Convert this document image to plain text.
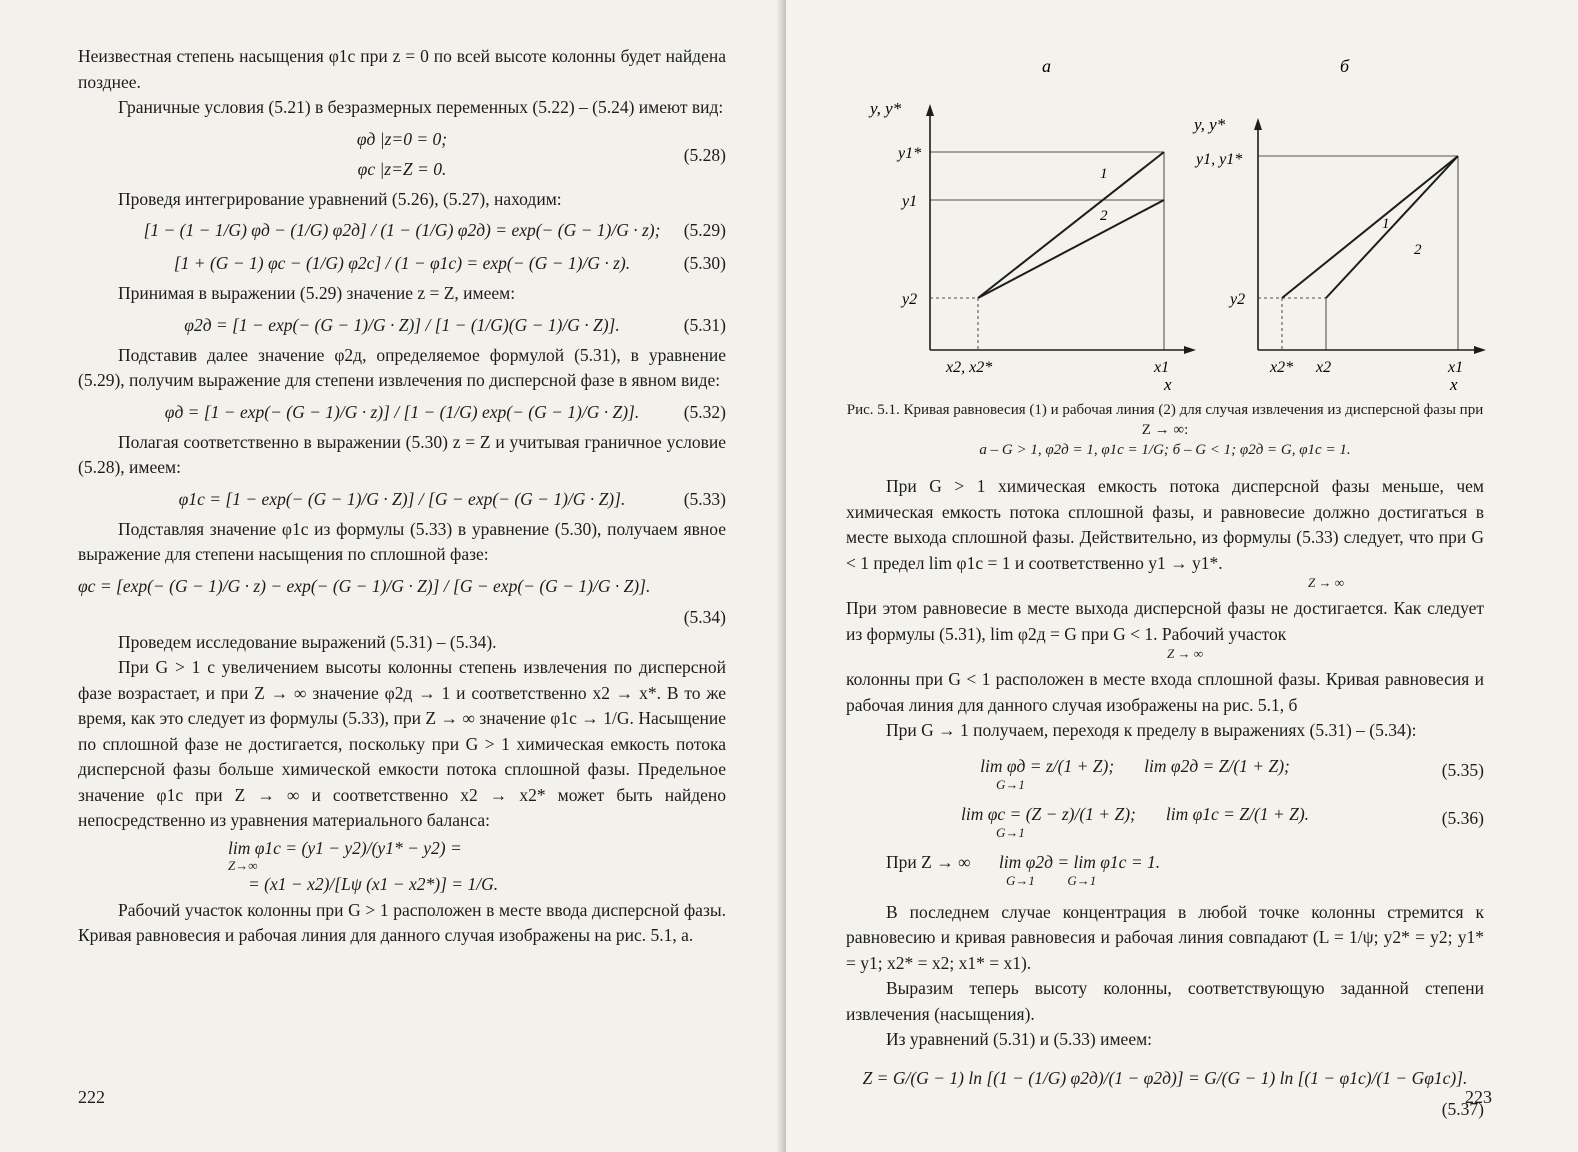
Неизвестная степень насыщения φ1c при z = 0 по всей высоте колонны будет найдена позднее.

Граничные условия (5.21) в безразмерных переменных (5.22) – (5.24) имеют вид:

φд |z=0 = 0;
φc |z=Z = 0.
(5.28)

Проведя интегрирование уравнений (5.26), (5.27), находим:

[1 − (1 − 1/G) φд − (1/G) φ2д] / (1 − (1/G) φ2д) = exp(− (G − 1)/G · z); (5.29)
[1 + (G − 1) φc − (1/G) φ2c] / (1 − φ1c) = exp(− (G − 1)/G · z).	(5.30)

Принимая в выражении (5.29) значение z = Z, имеем:

φ2д = [1 − exp(− (G − 1)/G · Z)] / [1 − (1/G)(G − 1)/G · Z)].	(5.31)

Подставив далее значение φ2д, определяемое формулой (5.31), в уравнение (5.29), получим выражение для степени извлечения по дисперсной фазе в явном виде:

φд = [1 − exp(− (G − 1)/G · z)] / [1 − (1/G) exp(− (G − 1)/G · Z)].	(5.32)

Полагая соответственно в выражении (5.30) z = Z и учитывая граничное условие (5.28), имеем:

φ1c = [1 − exp(− (G − 1)/G · Z)] / [G − exp(− (G − 1)/G · Z)].	(5.33)

Подставляя значение φ1c из формулы (5.33) в уравнение (5.30), получаем явное выражение для степени насыщения по сплошной фазе:

φc = [exp(− (G − 1)/G · z) − exp(− (G − 1)/G · Z)] / [G − exp(− (G − 1)/G · Z)].
(5.34)

Проведем исследование выражений (5.31) – (5.34).

При G > 1 с увеличением высоты колонны степень извлечения по дисперсной фазе возрастает, и при Z → ∞ значение φ2д → 1 и соответственно x2 → x*. В то же время, как это следует из формулы (5.33), при Z → ∞ значение φ1c → 1/G. Насыщение по сплошной фазе не достигается, поскольку при G > 1 химическая емкость потока дисперсной фазы больше химической емкости потока сплошной фазы. Предельное значение φ1c при Z → ∞ и соответственно x2 → x2* может быть найдено непосредственно из уравнения материального баланса:

lim φ1c = (y1 − y2)/(y1* − y2) =
Z→∞
= (x1 − x2)/[Lψ (x1 − x2*)] = 1/G.

Рабочий участок колонны при G > 1 расположен в месте ввода дисперсной фазы. Кривая равновесия и рабочая линия для данного случая изображены на рис. 5.1, а.

222
а	б
y, y*
y1*
y1
y2
x2, x2*	x1
x
1
2
y, y*
y1, y1*
y2
x2* x2	x1
x
1
2
Рис. 5.1. Кривая равновесия (1) и рабочая линия (2) для случая извлечения из дисперсной фазы при Z → ∞:
а – G > 1, φ2д = 1, φ1c = 1/G; б – G < 1; φ2д = G, φ1c = 1.

При G > 1 химическая емкость потока дисперсной фазы меньше, чем химическая емкость потока сплошной фазы, и равновесие должно достигаться в месте выхода сплошной фазы. Действительно, из формулы (5.33) следует, что при G < 1 предел lim φ1c = 1 и соответственно y1 → y1*.

Z → ∞

При этом равновесие в месте выхода дисперсной фазы не достигается. Как следует из формулы (5.31), lim φ2д = G при G < 1. Рабочий участок

Z → ∞

колонны при G < 1 расположен в месте входа сплошной фазы. Кривая равновесия и рабочая линия для данного случая изображены на рис. 5.1, б

При G → 1 получаем, переходя к пределу в выражениях (5.31) – (5.34):

lim φд = z/(1 + Z); lim φ2д = Z/(1 + Z);	(5.35)
G→1
lim φc = (Z − z)/(1 + Z); lim φ1c = Z/(1 + Z).	(5.36)
G→1
При Z → ∞ lim φ2д = lim φ1c = 1.
G→1          G→1

В последнем случае концентрация в любой точке колонны стремится к равновесию и кривая равновесия и рабочая линия совпадают (L = 1/ψ; y2* = y2; y1* = y1; x2* = x2; x1* = x1).

Выразим теперь высоту колонны, соответствующую заданной степени извлечения (насыщения).

Из уравнений (5.31) и (5.33) имеем:

Z = G/(G − 1) ln [(1 − (1/G) φ2д)/(1 − φ2д)] = G/(G − 1) ln [(1 − φ1c)/(1 − Gφ1c)].
(5.37)
223
